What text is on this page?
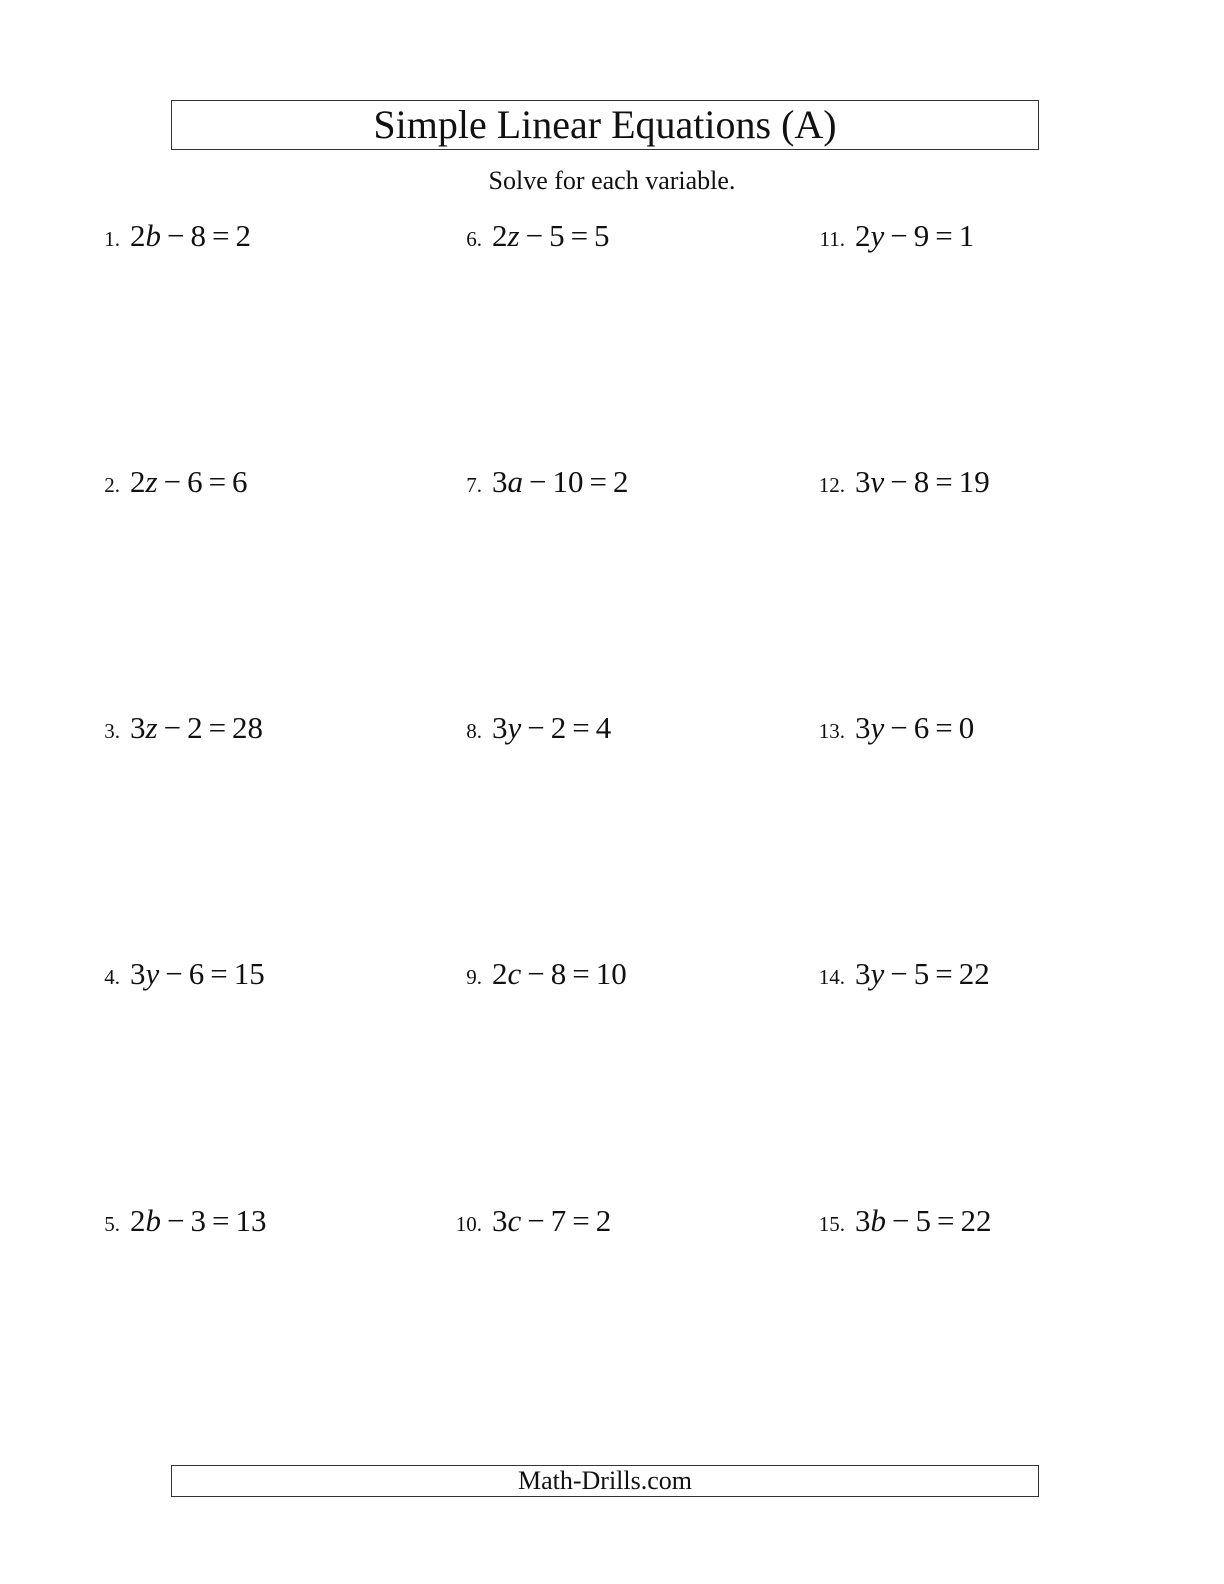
Simple Linear Equations (A)
Solve for each variable.
1. 2b − 8 = 2
2. 2z − 6 = 6
3. 3z − 2 = 28
4. 3y − 6 = 15
5. 2b − 3 = 13
6. 2z − 5 = 5
7. 3a − 10 = 2
8. 3y − 2 = 4
9. 2c − 8 = 10
10. 3c − 7 = 2
11. 2y − 9 = 1
12. 3v − 8 = 19
13. 3y − 6 = 0
14. 3y − 5 = 22
15. 3b − 5 = 22
Math-Drills.com
